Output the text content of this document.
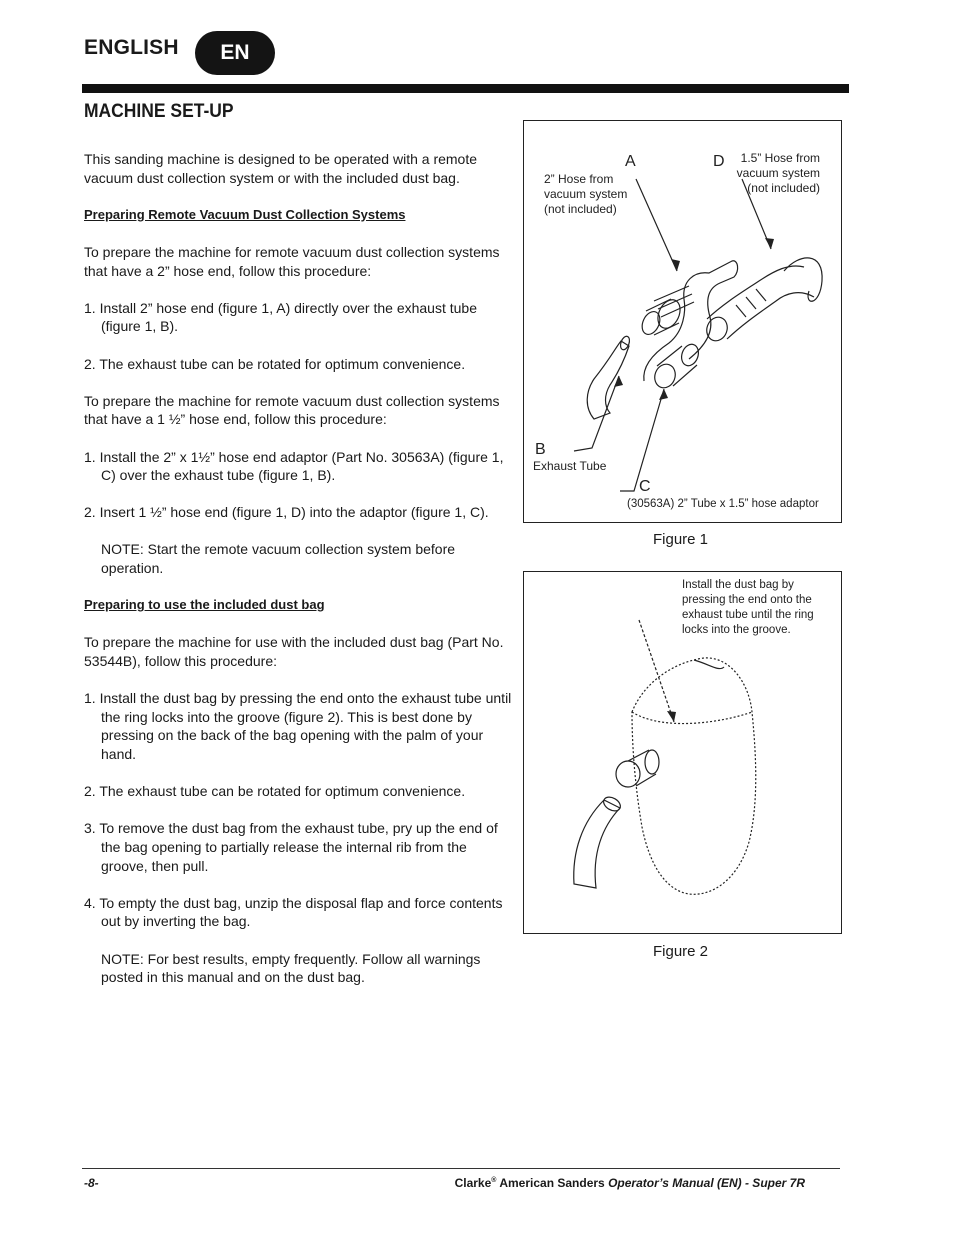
ENGLISH	EN
MACHINE SET-UP

This sanding machine is designed to be operated with a remote vacuum dust collection system or with the included dust bag.

Preparing Remote Vacuum Dust Collection Systems

To prepare the machine for remote vacuum dust collection systems that have a 2” hose end, follow this procedure:

1. Install 2” hose end (figure 1, A) directly over the exhaust tube (figure 1, B).

2. The exhaust tube can be rotated for optimum convenience.

To prepare the machine for remote vacuum dust collection systems that have a 1 ½” hose end, follow this procedure:

1. Install the 2” x 1½” hose end adaptor (Part No. 30563A) (figure 1, C) over the exhaust tube (figure 1, B).

2. Insert 1 ½” hose end (figure 1, D) into the adaptor (figure 1, C).

NOTE: Start the remote vacuum collection system before operation.

Preparing to use the included dust bag

To prepare the machine for use with the included dust bag (Part No. 53544B), follow this procedure:

1. Install the dust bag by pressing the end onto the exhaust tube until the ring locks into the groove (figure 2). This is best done by pressing on the back of the bag opening with the palm of your hand.

2. The exhaust tube can be rotated for optimum convenience.

3. To remove the dust bag from the exhaust tube, pry up the end of the bag opening to partially release the internal rib from the groove, then pull.

4. To empty the dust bag, unzip the disposal flap and force contents out by inverting the bag.

NOTE: For best results, empty frequently. Follow all warnings posted in this manual and on the dust bag.

A	D
2” Hose from
vacuum system
(not included)
1.5” Hose from
vacuum system
(not included)
B
Exhaust Tube
C
(30563A) 2” Tube x 1.5” hose adaptor
Figure 1
Install the dust bag by
pressing the end onto the
exhaust tube until the ring
locks into the groove.
Figure 2
-8-	Clarke® American Sanders Operator’s Manual (EN) - Super 7R
